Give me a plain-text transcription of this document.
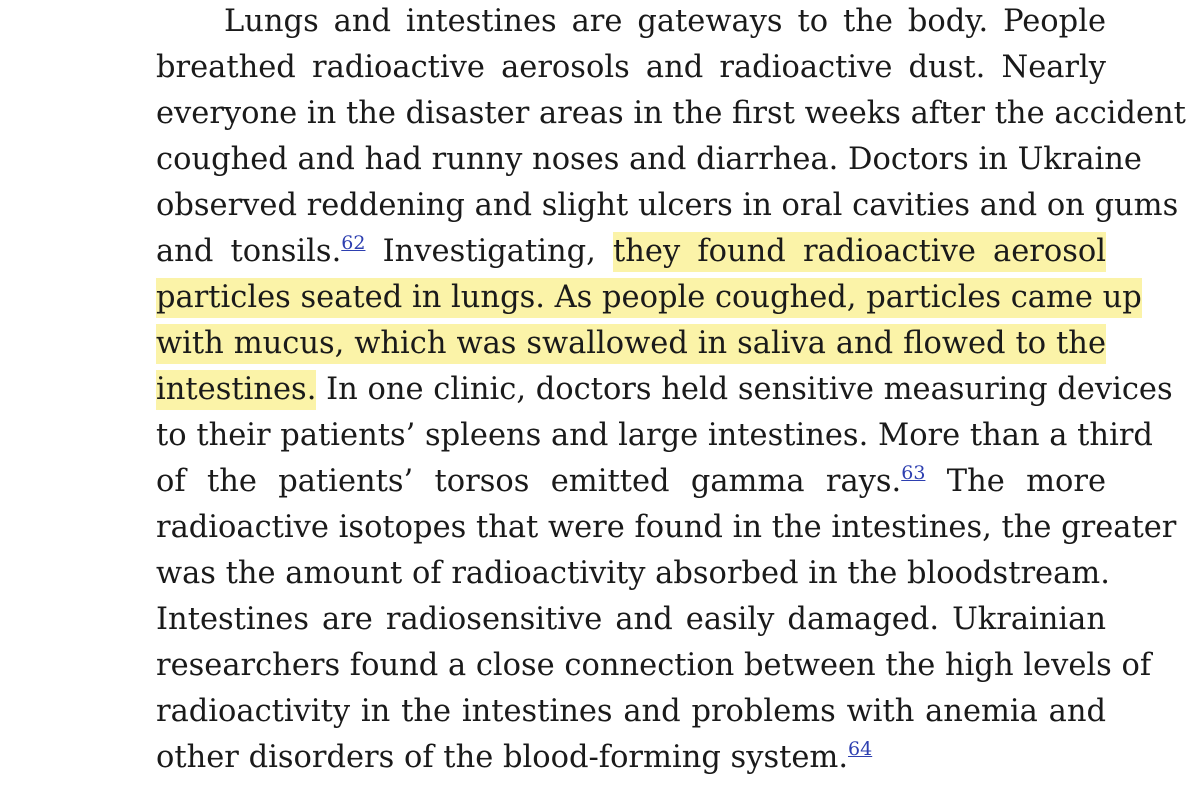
Lungs and intestines are gateways to the body. People
breathed radioactive aerosols and radioactive dust. Nearly
everyone in the disaster areas in the first weeks after the accident
coughed and had runny noses and diarrhea. Doctors in Ukraine
observed reddening and slight ulcers in oral cavities and on gums
and tonsils.$^{62}$ Investigating, they found radioactive aerosol
particles seated in lungs. As people coughed, particles came up
with mucus, which was swallowed in saliva and flowed to the
intestines. In one clinic, doctors held sensitive measuring devices
to their patients’ spleens and large intestines. More than a third
of the patients’ torsos emitted gamma rays.$^{63}$ The more
radioactive isotopes that were found in the intestines, the greater
was the amount of radioactivity absorbed in the bloodstream.
Intestines are radiosensitive and easily damaged. Ukrainian
researchers found a close connection between the high levels of
radioactivity in the intestines and problems with anemia and
other disorders of the blood-forming system.$^{64}$
